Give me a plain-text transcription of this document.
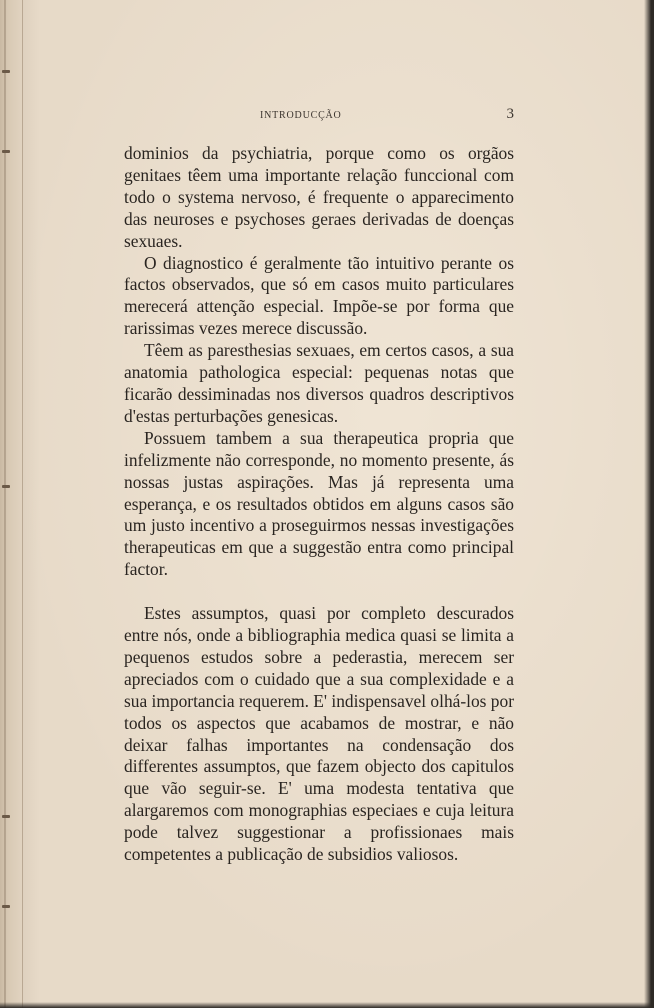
INTRODUCÇÃO	3

dominios da psychiatria, porque como os orgãos genitaes têem uma importante relação funccional com todo o systema nervoso, é frequente o apparecimento das neuroses e psychoses geraes derivadas de doenças sexuaes.

O diagnostico é geralmente tão intuitivo perante os factos observados, que só em casos muito particulares merecerá attenção especial. Impõe-se por forma que rarissimas vezes merece discussão.

Têem as paresthesias sexuaes, em certos casos, a sua anatomia pathologica especial: pequenas notas que ficarão dessiminadas nos diversos quadros descriptivos d'estas perturbações genesicas.

Possuem tambem a sua therapeutica propria que infelizmente não corresponde, no momento presente, ás nossas justas aspirações. Mas já representa uma esperança, e os resultados obtidos em alguns casos são um justo incentivo a proseguirmos nessas investigações therapeuticas em que a suggestão entra como principal factor.

Estes assumptos, quasi por completo descurados entre nós, onde a bibliographia medica quasi se limita a pequenos estudos sobre a pederastia, merecem ser apreciados com o cuidado que a sua complexidade e a sua importancia requerem. E' indispensavel olhá-los por todos os aspectos que acabamos de mostrar, e não deixar falhas importantes na condensação dos differentes assumptos, que fazem objecto dos capitulos que vão seguir-se. E' uma modesta tentativa que alargaremos com monographias especiaes e cuja leitura pode talvez suggestionar a profissionaes mais competentes a publicação de subsidios valiosos.
